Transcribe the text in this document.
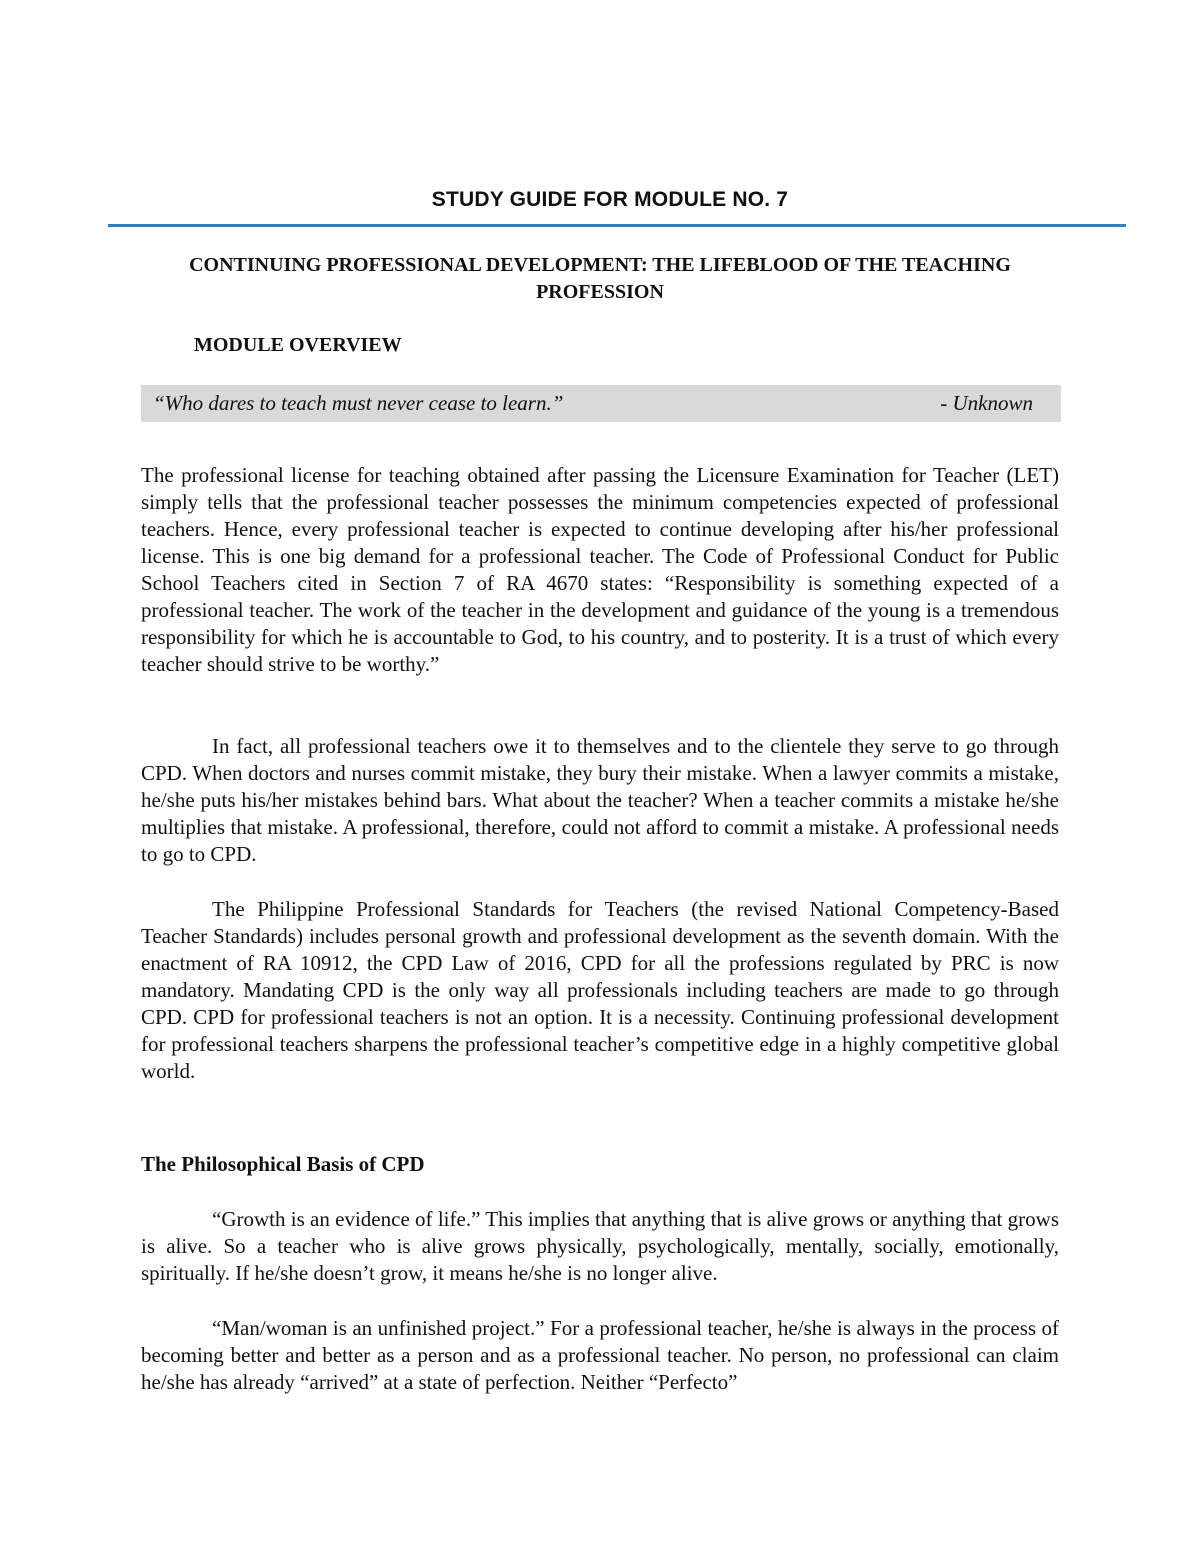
STUDY GUIDE FOR MODULE NO. 7
CONTINUING PROFESSIONAL DEVELOPMENT: THE LIFEBLOOD OF THE TEACHING PROFESSION
MODULE OVERVIEW
“Who dares to teach must never cease to learn.”	- Unknown

The professional license for teaching obtained after passing the Licensure Examination for Teacher (LET) simply tells that the professional teacher possesses the minimum competencies expected of professional teachers. Hence, every professional teacher is expected to continue developing after his/her professional license. This is one big demand for a professional teacher. The Code of Professional Conduct for Public School Teachers cited in Section 7 of RA 4670 states: “Responsibility is something expected of a professional teacher. The work of the teacher in the development and guidance of the young is a tremendous responsibility for which he is accountable to God, to his country, and to posterity. It is a trust of which every teacher should strive to be worthy.”

In fact, all professional teachers owe it to themselves and to the clientele they serve to go through CPD. When doctors and nurses commit mistake, they bury their mistake. When a lawyer commits a mistake, he/she puts his/her mistakes behind bars. What about the teacher? When a teacher commits a mistake he/she multiplies that mistake. A professional, therefore, could not afford to commit a mistake. A professional needs to go to CPD.

The Philippine Professional Standards for Teachers (the revised National Competency-Based Teacher Standards) includes personal growth and professional development as the seventh domain. With the enactment of RA 10912, the CPD Law of 2016, CPD for all the professions regulated by PRC is now mandatory. Mandating CPD is the only way all professionals including teachers are made to go through CPD. CPD for professional teachers is not an option. It is a necessity. Continuing professional development for professional teachers sharpens the professional teacher’s competitive edge in a highly competitive global world.

The Philosophical Basis of CPD

“Growth is an evidence of life.” This implies that anything that is alive grows or anything that grows is alive. So a teacher who is alive grows physically, psychologically, mentally, socially, emotionally, spiritually. If he/she doesn’t grow, it means he/she is no longer alive.

“Man/woman is an unfinished project.” For a professional teacher, he/she is always in the process of becoming better and better as a person and as a professional teacher. No person, no professional can claim he/she has already “arrived” at a state of perfection. Neither “Perfecto”
